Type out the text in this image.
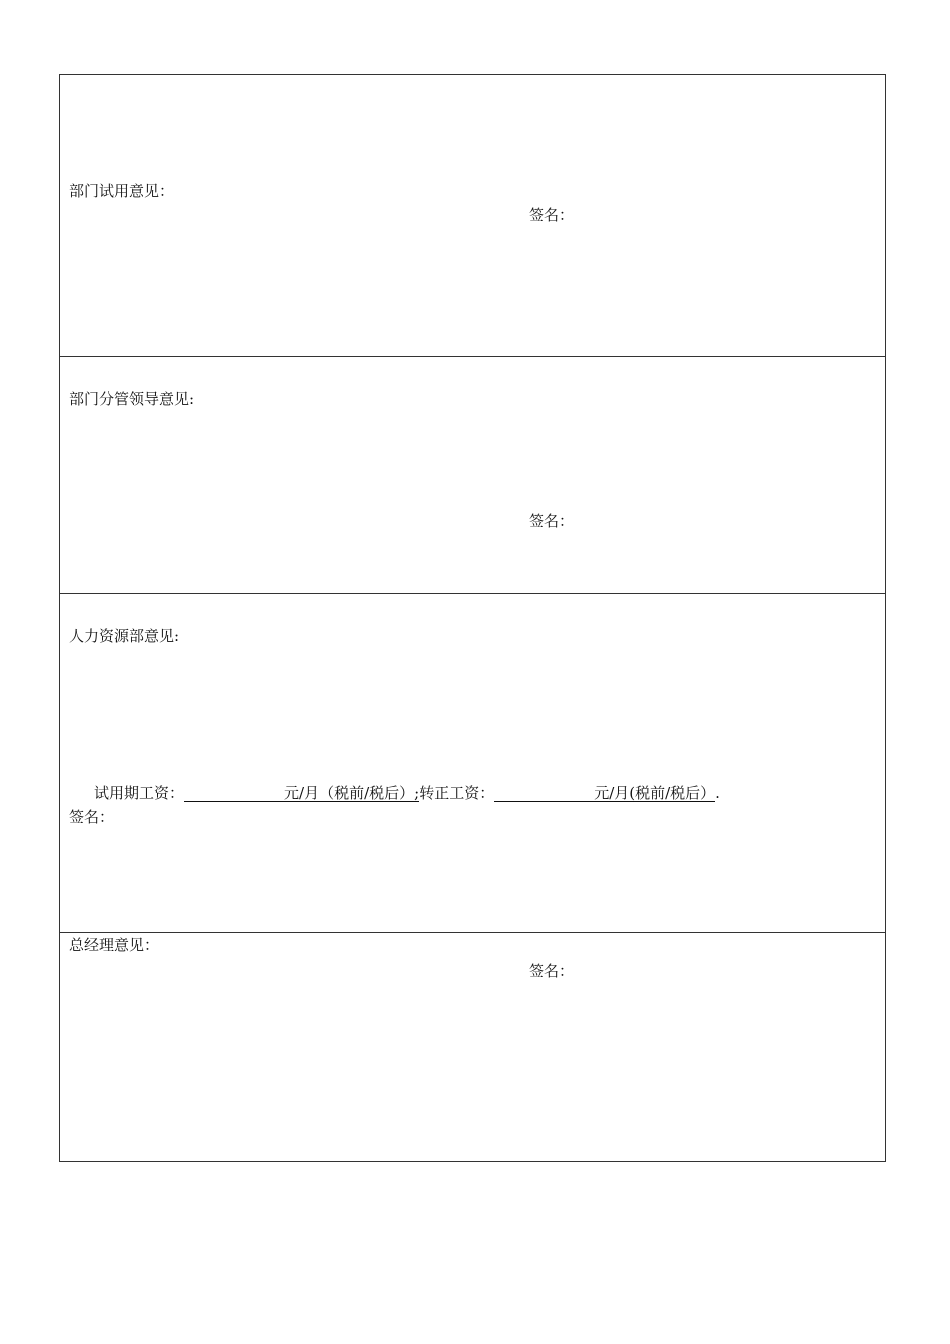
部门试用意见：
签名：
部门分管领导意见:
签名：
人力资源部意见:
试用期工资：	元/月（税前/税后）;转正工资：	元/月(税前/税后）.
签名：
总经理意见：
签名：
